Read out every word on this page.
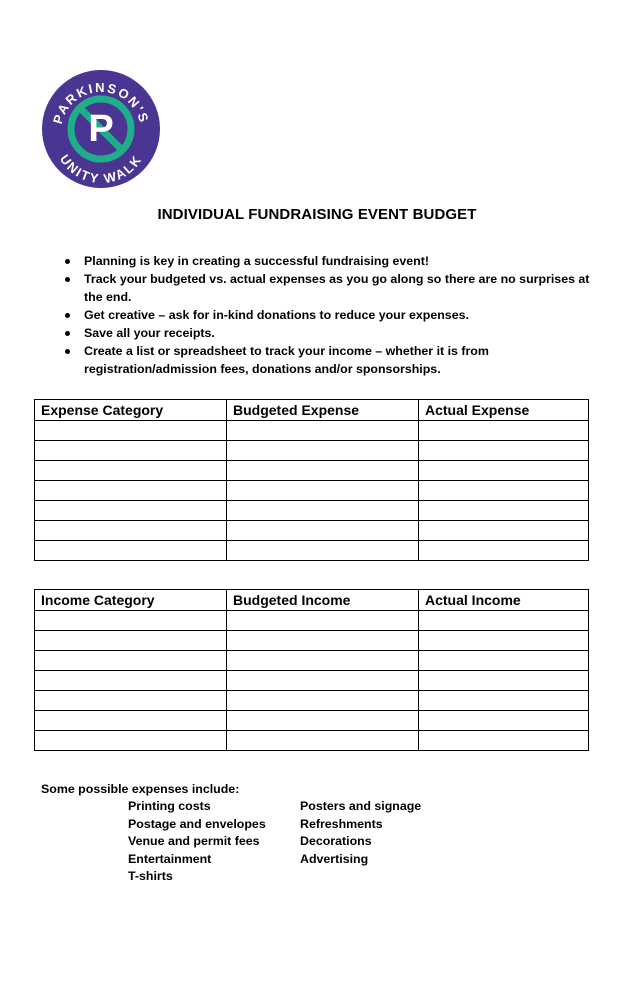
P
PARKINSON'S
UNITY WALK
INDIVIDUAL FUNDRAISING EVENT BUDGET
Planning is key in creating a successful fundraising event!
Track your budgeted vs. actual expenses as you go along so there are no surprises at the end.
Get creative – ask for in-kind donations to reduce your expenses.
Save all your receipts.
Create a list or spreadsheet to track your income – whether it is from registration/admission fees, donations and/or sponsorships.
Expense Category	Budgeted Expense	Actual Expense

Income Category	Budgeted Income	Actual Income

Some possible expenses include:
Printing costs
Postage and envelopes
Venue and permit fees
Entertainment
T-shirts
Posters and signage
Refreshments
Decorations
Advertising
